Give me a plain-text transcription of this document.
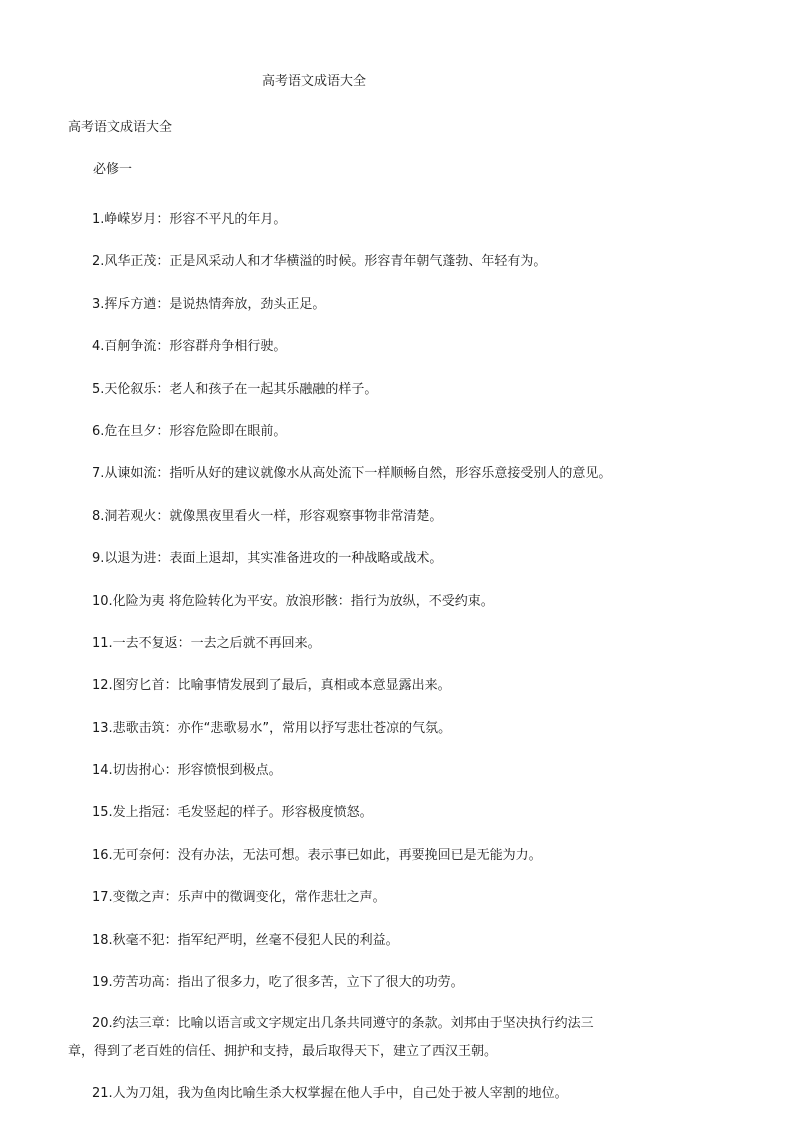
高考语文成语大全
高考语文成语大全
必修一
1.峥嵘岁月：形容不平凡的年月。
2.风华正茂：正是风采动人和才华横溢的时候。形容青年朝气蓬勃、年轻有为。
3.挥斥方遒：是说热情奔放，劲头正足。
4.百舸争流：形容群舟争相行驶。
5.天伦叙乐：老人和孩子在一起其乐融融的样子。
6.危在旦夕：形容危险即在眼前。
7.从谏如流：指听从好的建议就像水从高处流下一样顺畅自然，形容乐意接受别人的意见。
8.洞若观火：就像黑夜里看火一样，形容观察事物非常清楚。
9.以退为进：表面上退却，其实准备进攻的一种战略或战术。
10.化险为夷 将危险转化为平安。放浪形骸：指行为放纵，不受约束。
11.一去不复返：一去之后就不再回来。
12.图穷匕首：比喻事情发展到了最后，真相或本意显露出来。
13.悲歌击筑：亦作“悲歌易水”，常用以抒写悲壮苍凉的气氛。
14.切齿拊心：形容愤恨到极点。
15.发上指冠：毛发竖起的样子。形容极度愤怒。
16.无可奈何：没有办法，无法可想。表示事已如此，再要挽回已是无能为力。
17.变徵之声：乐声中的徵调变化，常作悲壮之声。
18.秋毫不犯：指军纪严明，丝毫不侵犯人民的利益。
19.劳苦功高：指出了很多力，吃了很多苦，立下了很大的功劳。
20.约法三章：比喻以语言或文字规定出几条共同遵守的条款。刘邦由于坚决执行约法三章，得到了老百姓的信任、拥护和支持，最后取得天下，建立了西汉王朝。
21.人为刀俎，我为鱼肉比喻生杀大权掌握在他人手中，自己处于被人宰割的地位。
